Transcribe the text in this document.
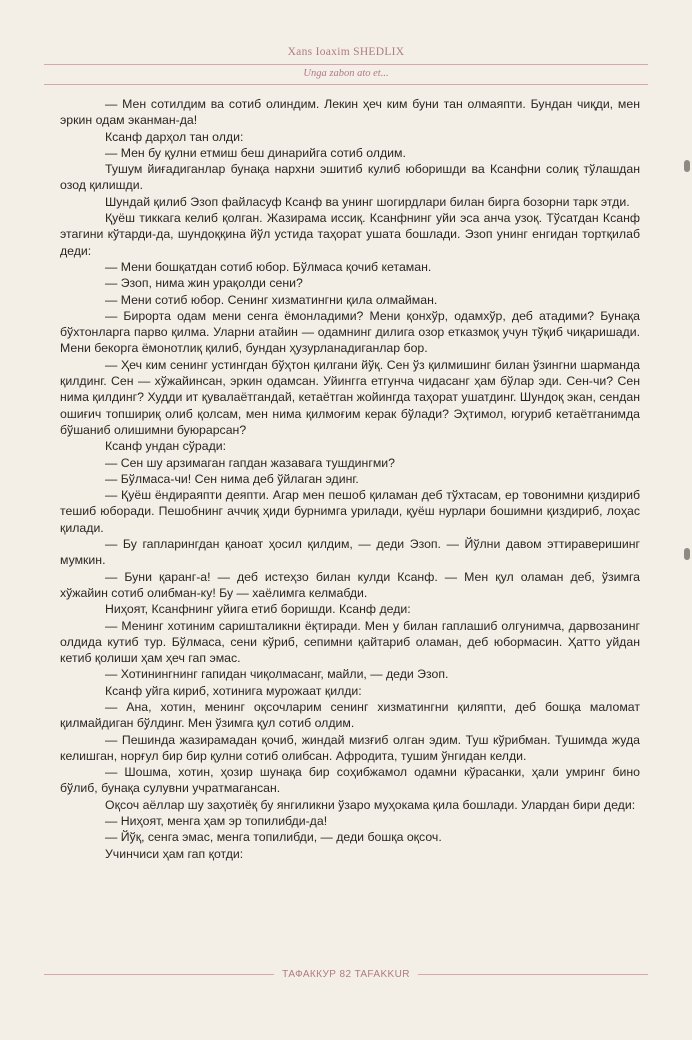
Xans Ioaxim SHEDLIX
Unga zabon ato et...

— Мен сотилдим ва сотиб олиндим. Лекин ҳеч ким буни тан олмаяпти. Бундан чиқди, мен эркин одам эканман-да!

Ксанф дарҳол тан олди:

— Мен бу қулни етмиш беш динарийга сотиб олдим.

Тушум йиғадиганлар бунақа нархни эшитиб кулиб юборишди ва Ксанфни солиқ тўлашдан озод қилишди.

Шундай қилиб Эзоп файласуф Ксанф ва унинг шогирдлари билан бирга бозорни тарк этди.

Қуёш тиккага келиб қолган. Жазирама иссиқ. Ксанфнинг уйи эса анча узоқ. Тўсатдан Ксанф этагини кўтарди-да, шундоққина йўл устида таҳорат ушата бошлади. Эзоп унинг енгидан тортқилаб деди:

— Мени бошқатдан сотиб юбор. Бўлмаса қочиб кетаман.

— Эзоп, нима жин урақолди сени?

— Мени сотиб юбор. Сенинг хизматингни қила олмайман.

— Бирорта одам мени сенга ёмонладими? Мени қонхўр, одамхўр, деб атадими? Бунақа бўхтонларга парво қилма. Уларни атайин — одамнинг дилига озор етказмоқ учун тўқиб чиқаришади. Мени бекорга ёмонотлиқ қилиб, бундан ҳузурланадиганлар бор.

— Ҳеч ким сенинг устингдан бўҳтон қилгани йўқ. Сен ўз қилмишинг билан ўзингни шарманда қилдинг. Сен — хўжайинсан, эркин одамсан. Уйингга етгунча чидасанг ҳам бўлар эди. Сен-чи? Сен нима қилдинг? Худди ит қувалаётгандай, кетаётган жойингда таҳорат ушатдинг. Шундоқ экан, сендан ошиғич топшириқ олиб қолсам, мен нима қилмоғим керак бўлади? Эҳтимол, югуриб кетаётганимда бўшаниб олишимни буюрарсан?

Ксанф ундан сўради:

— Сен шу арзимаган гапдан жазавага тушдингми?

— Бўлмаса-чи! Сен нима деб ўйлаган эдинг.

— Қуёш ёндираяпти деяпти. Агар мен пешоб қиламан деб тўхтасам, ер товонимни қиздириб тешиб юборади. Пешобнинг аччиқ ҳиди бурнимга урилади, қуёш нурлари бошимни қиздириб, лоҳас қилади.

— Бу гапларингдан қаноат ҳосил қилдим, — деди Эзоп. — Йўлни давом эттираверишинг мумкин.

— Буни қаранг-а! — деб истеҳзо билан кулди Ксанф. — Мен қул оламан деб, ўзимга хўжайин сотиб олибман-ку! Бу — хаёлимга келмабди.

Ниҳоят, Ксанфнинг уйига етиб боришди. Ксанф деди:

— Менинг хотиним саришталикни ёқтиради. Мен у билан гаплашиб олгунимча, дарвозанинг олдида кутиб тур. Бўлмаса, сени кўриб, сепимни қайтариб оламан, деб юбормасин. Ҳатто уйдан кетиб қолиши ҳам ҳеч гап эмас.

— Хотинингнинг гапидан чиқолмасанг, майли, — деди Эзоп.

Ксанф уйга кириб, хотинига мурожаат қилди:

— Ана, хотин, менинг оқсочларим сенинг хизматингни қиляпти, деб бошқа маломат қилмайдиган бўлдинг. Мен ўзимга қул сотиб олдим.

— Пешинда жазирамадан қочиб, жиндай мизғиб олган эдим. Туш кўрибман. Тушимда жуда келишган, норғул бир бир қулни сотиб олибсан. Афродита, тушим ўнгидан келди.

— Шошма, хотин, ҳозир шунақа бир соҳибжамол одамни кўрасанки, ҳали умринг бино бўлиб, бунақа сулувни учратмагансан.

Оқсоч аёллар шу заҳотиёқ бу янгиликни ўзаро муҳокама қила бошлади. Улардан бири деди:

— Ниҳоят, менга ҳам эр топилибди-да!

— Йўқ, сенга эмас, менга топилибди, — деди бошқа оқсоч.

Учинчиси ҳам гап қотди:

ТАФАККУР 82 TAFAKKUR
